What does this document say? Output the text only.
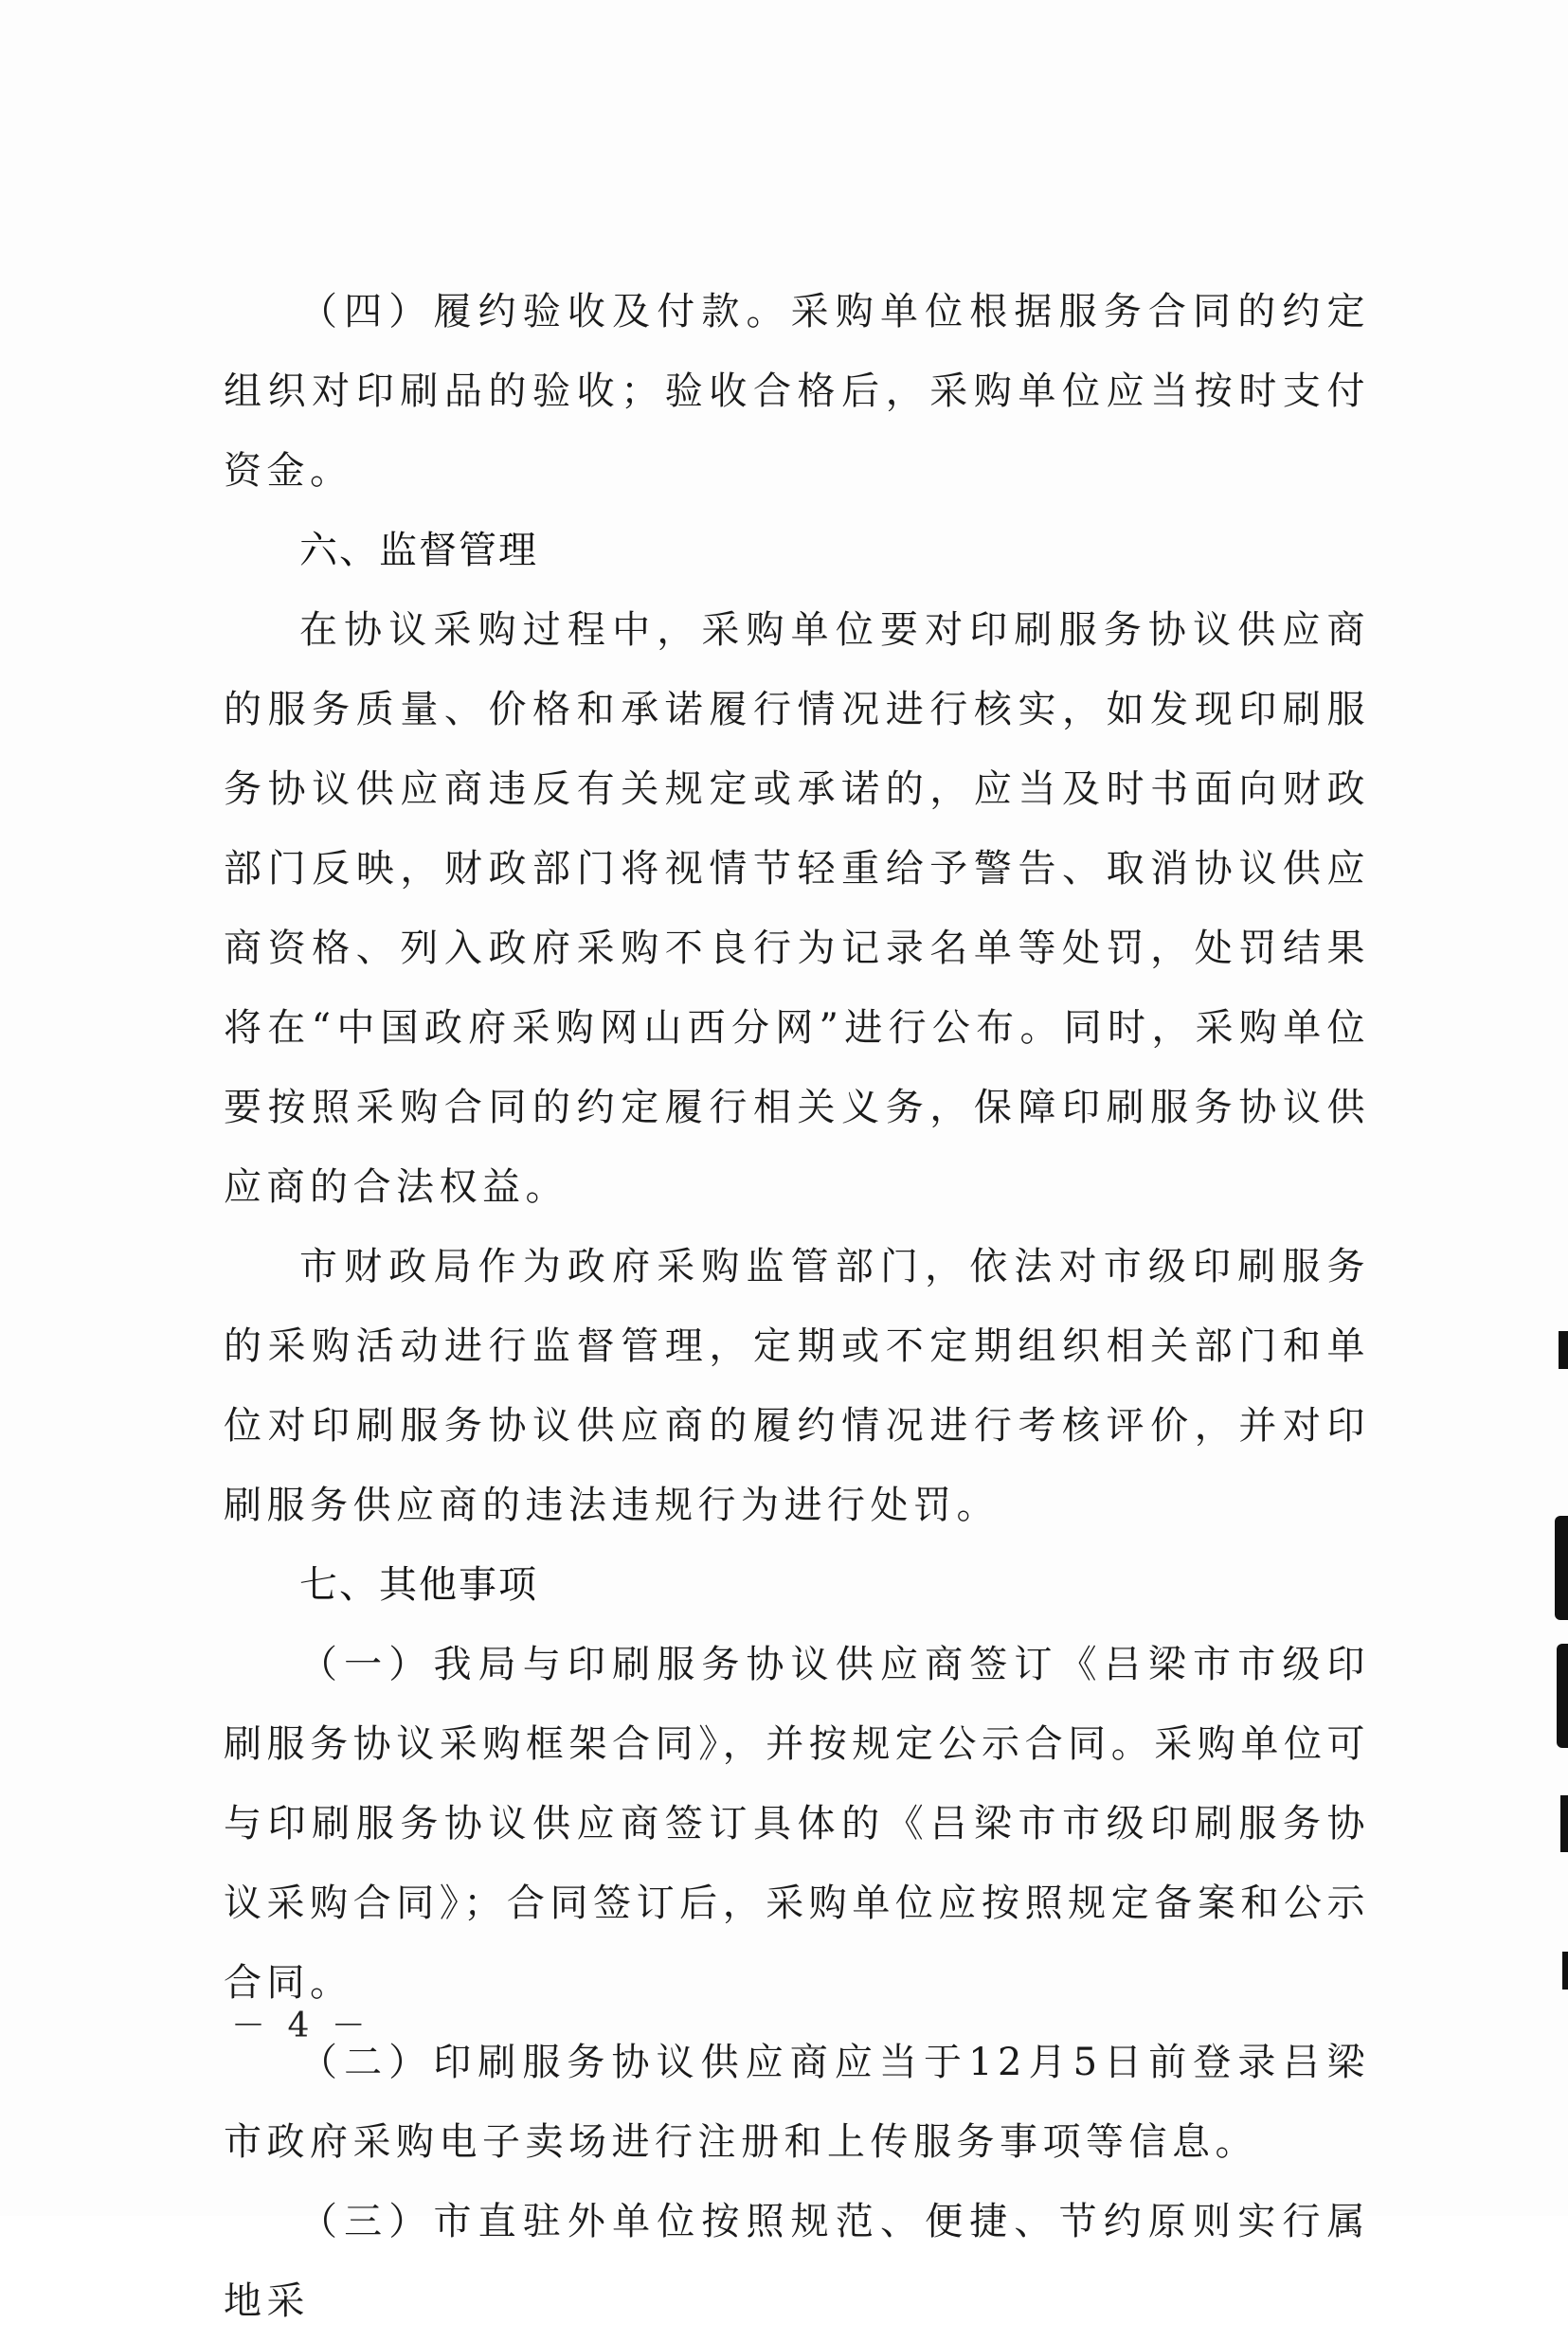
（四）履约验收及付款。采购单位根据服务合同的约定组织对印刷品的验收；验收合格后，采购单位应当按时支付资金。

六、监督管理

在协议采购过程中，采购单位要对印刷服务协议供应商的服务质量、价格和承诺履行情况进行核实，如发现印刷服务协议供应商违反有关规定或承诺的，应当及时书面向财政部门反映，财政部门将视情节轻重给予警告、取消协议供应商资格、列入政府采购不良行为记录名单等处罚，处罚结果将在“中国政府采购网山西分网”进行公布。同时，采购单位要按照采购合同的约定履行相关义务，保障印刷服务协议供应商的合法权益。

市财政局作为政府采购监管部门，依法对市级印刷服务的采购活动进行监督管理，定期或不定期组织相关部门和单位对印刷服务协议供应商的履约情况进行考核评价，并对印刷服务供应商的违法违规行为进行处罚。

七、其他事项

（一）我局与印刷服务协议供应商签订《吕梁市市级印刷服务协议采购框架合同》，并按规定公示合同。采购单位可与印刷服务协议供应商签订具体的《吕梁市市级印刷服务协议采购合同》；合同签订后，采购单位应按照规定备案和公示合同。

（二）印刷服务协议供应商应当于12月5日前登录吕梁市政府采购电子卖场进行注册和上传服务事项等信息。

（三）市直驻外单位按照规范、便捷、节约原则实行属地采

－ 4 －
